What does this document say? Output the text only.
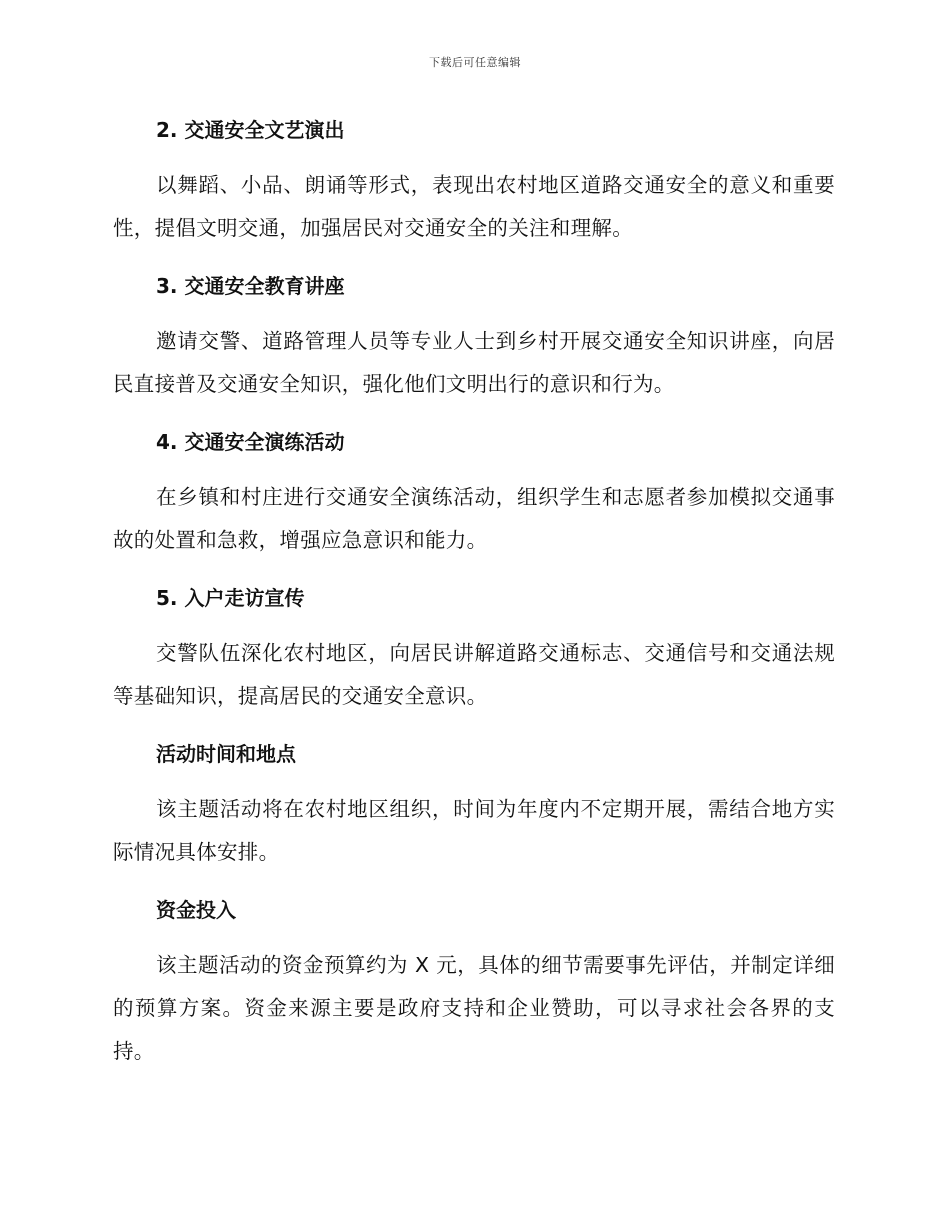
下载后可任意编辑
2. 交通安全文艺演出

以舞蹈、小品、朗诵等形式，表现出农村地区道路交通安全的意义和重要性，提倡文明交通，加强居民对交通安全的关注和理解。

3. 交通安全教育讲座

邀请交警、道路管理人员等专业人士到乡村开展交通安全知识讲座，向居民直接普及交通安全知识，强化他们文明出行的意识和行为。

4. 交通安全演练活动

在乡镇和村庄进行交通安全演练活动，组织学生和志愿者参加模拟交通事故的处置和急救，增强应急意识和能力。

5. 入户走访宣传

交警队伍深化农村地区，向居民讲解道路交通标志、交通信号和交通法规等基础知识，提高居民的交通安全意识。

活动时间和地点

该主题活动将在农村地区组织，时间为年度内不定期开展，需结合地方实际情况具体安排。

资金投入

该主题活动的资金预算约为 X 元，具体的细节需要事先评估，并制定详细的预算方案。资金来源主要是政府支持和企业赞助，可以寻求社会各界的支持。
